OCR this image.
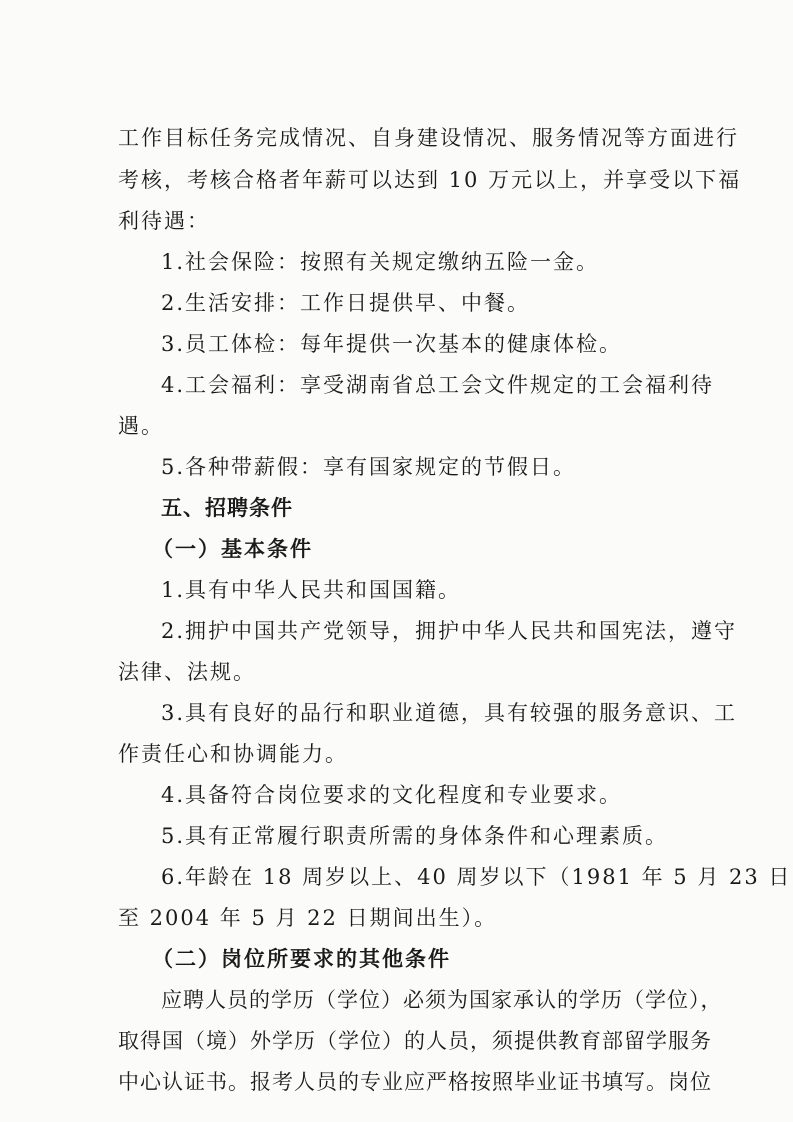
工作目标任务完成情况、自身建设情况、服务情况等方面进行
考核，考核合格者年薪可以达到 10 万元以上，并享受以下福
利待遇：
1.社会保险：按照有关规定缴纳五险一金。
2.生活安排：工作日提供早、中餐。
3.员工体检：每年提供一次基本的健康体检。
4.工会福利：享受湖南省总工会文件规定的工会福利待
遇。
5.各种带薪假：享有国家规定的节假日。
五、招聘条件
（一）基本条件
1.具有中华人民共和国国籍。
2.拥护中国共产党领导，拥护中华人民共和国宪法，遵守
法律、法规。
3.具有良好的品行和职业道德，具有较强的服务意识、工
作责任心和协调能力。
4.具备符合岗位要求的文化程度和专业要求。
5.具有正常履行职责所需的身体条件和心理素质。
6.年龄在 18 周岁以上、40 周岁以下（1981 年 5 月 23 日
至 2004 年 5 月 22 日期间出生）。
（二）岗位所要求的其他条件
应聘人员的学历（学位）必须为国家承认的学历（学位），
取得国（境）外学历（学位）的人员，须提供教育部留学服务
中心认证书。报考人员的专业应严格按照毕业证书填写。岗位
